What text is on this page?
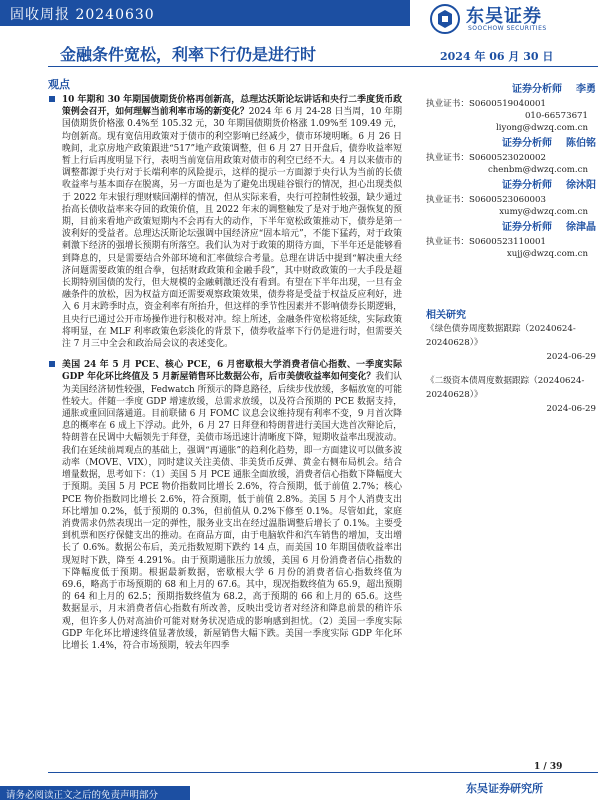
固收周报 20240630	东吴证券
SOOCHOW SECURITIES
金融条件宽松，利率下行仍是进行时	2024 年 06 月 30 日
观点
10 年期和 30 年期国债期货价格再创新高，总理达沃斯论坛讲话和央行二季度货币政策例会召开，如何理解当前利率市场的新变化？2024 年 6 月 24-28 日当周，10 年期国债期货价格涨 0.4%至 105.32 元，30 年期国债期货价格涨 1.09%至 109.49 元，均创新高。现有宽信用政策对于债市的利空影响已经减少，债市环境明晰。6 月 26 日晚间，北京房地产政策跟进“517”地产政策调整，但 6 月 27 日开盘后，债券收益率短暂上行后再度明显下行，表明当前宽信用政策对债市的利空已经不大。4 月以来债市的调整都源于央行对于长端利率的风险提示，这样的提示一方面源于央行认为当前的长债收益率与基本面存在脱离，另一方面也是为了避免出现硅谷银行的情况，担心出现类似于 2022 年末银行理财赎回潮样的情况，但从实际来看，央行可控制性较强，缺少通过抬高长债收益率来夺回的政策价值，且 2022 年末的调整触发了是对于地产强恢复的预期，目前来看地产政策短期内不会再有大的动作，下半年宽松政策推动下，债券是第一波利好的受益者。总理达沃斯论坛强调中国经济应“固本培元”，不能下猛药，对于政策刺激下经济的强增长预期有所落空。我们认为对于政策的期待方面，下半年还是能够看到降息的，只是需要结合外部环境和汇率做综合考量。总理在讲话中提到“解决重大经济问题需要政策的组合拳，包括财政政策和金融手段”，其中财政政策的一大手段是超长期特别国债的发行，但大规模的金融刺激还没有看到。有望在下半年出现，一旦有金融条件的放松，因为权益方面还需要观察政策效果，债券将是受益于权益反应利好，进入 6 月末跨季时点，资金利率有所抬升，但这样的季节性因素并不影响债券长期逻辑，且央行已通过公开市场操作进行积极对冲。综上所述，金融条件宽松将延续，实际政策将明显，在 MLF 利率政策色彩淡化的背景下，债券收益率下行仍是进行时，但需要关注 7 月三中全会和政治局会议的表述变化。
美国 24 年 5 月 PCE、核心 PCE，6 月密歇根大学消费者信心指数、一季度实际 GDP 年化环比终值及 5 月新屋销售环比数据公布，后市美债收益率如何变化？我们认为美国经济韧性较强，Fedwatch 所预示的降息路径，后续步伐放缓，多幅放宽的可能性较大。伴随一季度 GDP 增速放缓，总需求放缓，以及符合预期的 PCE 数据支持，通胀或重回回落通道。目前联储 6 月 FOMC 议息会议维持现有利率不变，9 月首次降息的概率在 6 成上下浮动。此外，6 月 27 日拜登和特朗普进行美国大选首次辩论后，特朗普在民调中大幅领先于拜登，美债市场迅速计清晰度下降，短期收益率出现波动。我们在延续前周观点的基础上，强调“再通胀”的趋利化趋势，即一方面建议可以做多波动率（MOVE、VIX），同时建议关注美债、非美货币反弹、黄金右侧布局机会。结合增量数据，思考如下：（1）美国 5 月 PCE 通胀全面放缓，消费者信心指数下降幅度大于预期。美国 5 月 PCE 物价指数同比增长 2.6%，符合预期，低于前值 2.7%；核心 PCE 物价指数同比增长 2.6%，符合预期，低于前值 2.8%。美国 5 月个人消费支出环比增加 0.2%，低于预期的 0.3%，但前值从 0.2%下修至 0.1%。尽管如此，家庭消费需求仍然表现出一定的弹性，服务业支出在经过温脂调整后增长了 0.1%。主要受到机票和医疗保健支出的推动。在商品方面，由于电脑软件和汽车销售的增加，支出增长了 0.6%。数据公布后，美元指数短期下跌约 14 点，而美国 10 年期国债收益率出现短时下跌，降至 4.291%。由于预期通胀压力放缓，美国 6 月份消费者信心指数的下降幅度低于预期。根据最新数据，密歇根大学 6 月份的消费者信心指数终值为 69.6，略高于市场预期的 68 和上月的 67.6。其中，现况指数终值为 65.9，超出预期的 64 和上月的 62.5；预期指数终值为 68.2，高于预期的 66 和上月的 65.6。这些数据显示，月末消费者信心指数有所改善，反映出受访者对经济和降息前景的稍许乐观，但许多人仍对高油价可能对财务状况造成的影响感到担忧。（2）美国一季度实际 GDP 年化环比增速终值显著放缓，新屋销售大幅下跌。美国一季度实际 GDP 年化环比增长 1.4%，符合市场预期，较去年四季
证券分析师 李勇
执业证书：S0600519040001
010-66573671
liyong@dwzq.com.cn
证券分析师 陈伯铭
执业证书：S0600523020002
chenbm@dwzq.com.cn
证券分析师 徐沐阳
执业证书：S0600523060003
xumy@dwzq.com.cn
证券分析师 徐津晶
执业证书：S0600523110001
xujj@dwzq.com.cn
相关研究
《绿色债券周度数据跟踪（20240624-20240628）》
2024-06-29
《二级资本债周度数据跟踪（20240624-20240628）》
2024-06-29
1 / 39
东吴证券研究所
请务必阅读正文之后的免责声明部分
